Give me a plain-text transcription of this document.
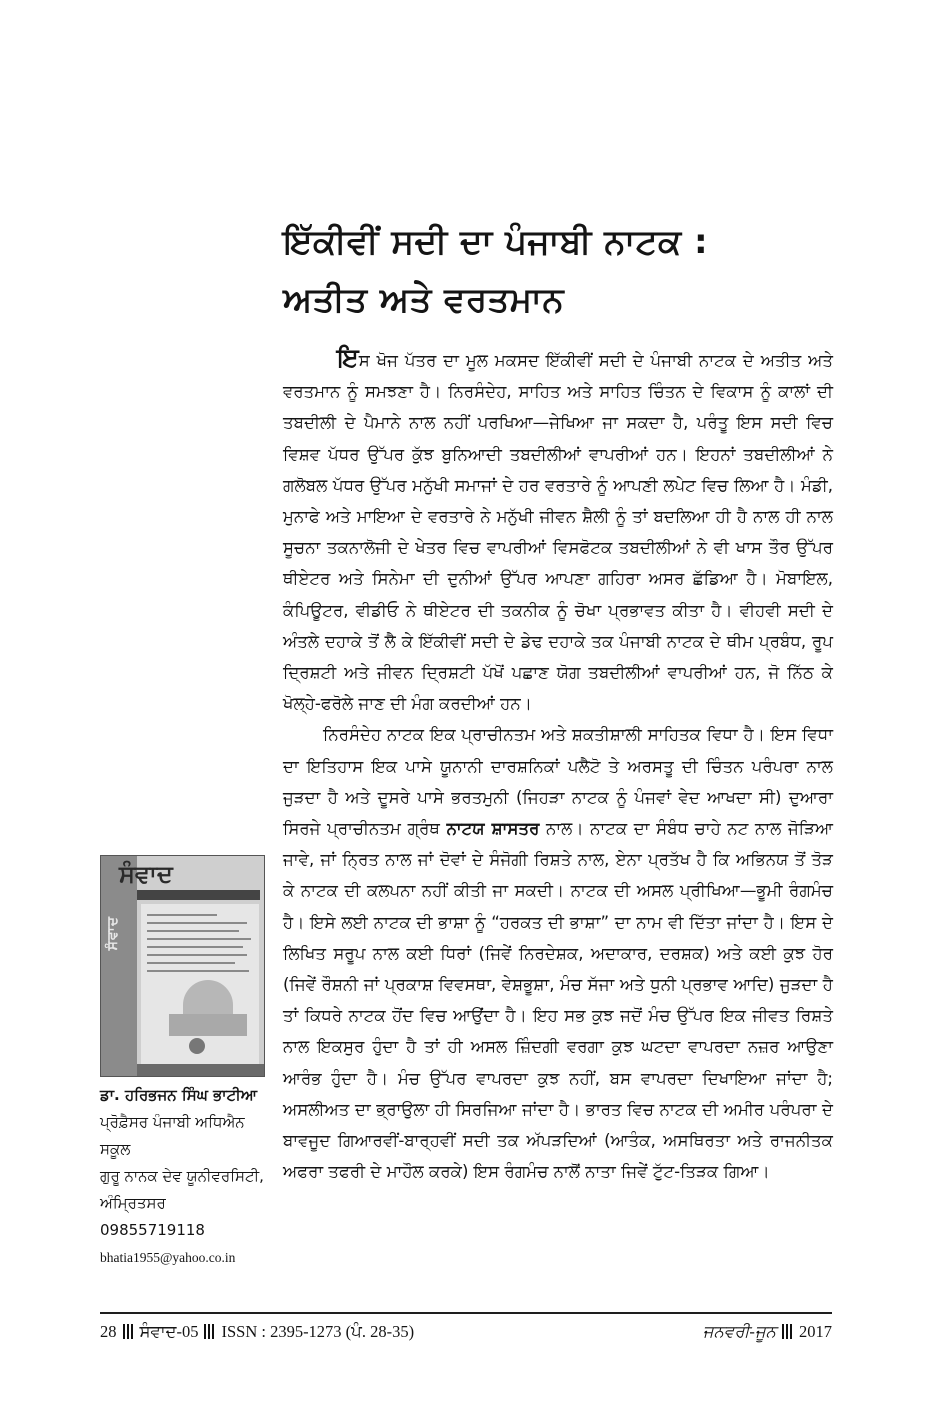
ਇੱਕੀਵੀਂ ਸਦੀ ਦਾ ਪੰਜਾਬੀ ਨਾਟਕ :
ਅਤੀਤ ਅਤੇ ਵਰਤਮਾਨ

ਇਸ ਖੋਜ ਪੱਤਰ ਦਾ ਮੂਲ ਮਕਸਦ ਇੱਕੀਵੀਂ ਸਦੀ ਦੇ ਪੰਜਾਬੀ ਨਾਟਕ ਦੇ ਅਤੀਤ ਅਤੇ ਵਰਤਮਾਨ ਨੂੰ ਸਮਝਣਾ ਹੈ। ਨਿਰਸੰਦੇਹ, ਸਾਹਿਤ ਅਤੇ ਸਾਹਿਤ ਚਿੰਤਨ ਦੇ ਵਿਕਾਸ ਨੂੰ ਕਾਲਾਂ ਦੀ ਤਬਦੀਲੀ ਦੇ ਪੈਮਾਨੇ ਨਾਲ ਨਹੀਂ ਪਰਖਿਆ—ਜੇਖਿਆ ਜਾ ਸਕਦਾ ਹੈ, ਪਰੰਤੂ ਇਸ ਸਦੀ ਵਿਚ ਵਿਸ਼ਵ ਪੱਧਰ ਉੱਪਰ ਕੁੱਝ ਬੁਨਿਆਦੀ ਤਬਦੀਲੀਆਂ ਵਾਪਰੀਆਂ ਹਨ। ਇਹਨਾਂ ਤਬਦੀਲੀਆਂ ਨੇ ਗਲੋਬਲ ਪੱਧਰ ਉੱਪਰ ਮਨੁੱਖੀ ਸਮਾਜਾਂ ਦੇ ਹਰ ਵਰਤਾਰੇ ਨੂੰ ਆਪਣੀ ਲਪੇਟ ਵਿਚ ਲਿਆ ਹੈ। ਮੰਡੀ, ਮੁਨਾਫੇ ਅਤੇ ਮਾਇਆ ਦੇ ਵਰਤਾਰੇ ਨੇ ਮਨੁੱਖੀ ਜੀਵਨ ਸ਼ੈਲੀ ਨੂੰ ਤਾਂ ਬਦਲਿਆ ਹੀ ਹੈ ਨਾਲ ਹੀ ਨਾਲ ਸੂਚਨਾ ਤਕਨਾਲੋਜੀ ਦੇ ਖੇਤਰ ਵਿਚ ਵਾਪਰੀਆਂ ਵਿਸਫੋਟਕ ਤਬਦੀਲੀਆਂ ਨੇ ਵੀ ਖਾਸ ਤੌਰ ਉੱਪਰ ਥੀਏਟਰ ਅਤੇ ਸਿਨੇਮਾ ਦੀ ਦੁਨੀਆਂ ਉੱਪਰ ਆਪਣਾ ਗਹਿਰਾ ਅਸਰ ਛੱਡਿਆ ਹੈ। ਮੋਬਾਇਲ, ਕੰਪਿਊਟਰ, ਵੀਡੀਓ ਨੇ ਥੀਏਟਰ ਦੀ ਤਕਨੀਕ ਨੂੰ ਚੋਖਾ ਪ੍ਰਭਾਵਤ ਕੀਤਾ ਹੈ। ਵੀਹਵੀ ਸਦੀ ਦੇ ਅੰਤਲੇ ਦਹਾਕੇ ਤੋਂ ਲੈ ਕੇ ਇੱਕੀਵੀਂ ਸਦੀ ਦੇ ਡੇਢ ਦਹਾਕੇ ਤਕ ਪੰਜਾਬੀ ਨਾਟਕ ਦੇ ਥੀਮ ਪ੍ਰਬੰਧ, ਰੂਪ ਦ੍ਰਿਸ਼ਟੀ ਅਤੇ ਜੀਵਨ ਦ੍ਰਿਸ਼ਟੀ ਪੱਖੋਂ ਪਛਾਣ ਯੋਗ ਤਬਦੀਲੀਆਂ ਵਾਪਰੀਆਂ ਹਨ, ਜੋ ਨਿੱਠ ਕੇ ਖੋਲ੍ਹੇ-ਫਰੋਲੇ ਜਾਣ ਦੀ ਮੰਗ ਕਰਦੀਆਂ ਹਨ।

ਨਿਰਸੰਦੇਹ ਨਾਟਕ ਇਕ ਪ੍ਰਾਚੀਨਤਮ ਅਤੇ ਸ਼ਕਤੀਸ਼ਾਲੀ ਸਾਹਿਤਕ ਵਿਧਾ ਹੈ। ਇਸ ਵਿਧਾ ਦਾ ਇਤਿਹਾਸ ਇਕ ਪਾਸੇ ਯੂਨਾਨੀ ਦਾਰਸ਼ਨਿਕਾਂ ਪਲੈਟੋ ਤੇ ਅਰਸਤੂ ਦੀ ਚਿੰਤਨ ਪਰੰਪਰਾ ਨਾਲ ਜੁੜਦਾ ਹੈ ਅਤੇ ਦੂਸਰੇ ਪਾਸੇ ਭਰਤਮੁਨੀ (ਜਿਹੜਾ ਨਾਟਕ ਨੂੰ ਪੰਜਵਾਂ ਵੇਦ ਆਖਦਾ ਸੀ) ਦੁਆਰਾ ਸਿਰਜੇ ਪ੍ਰਾਚੀਨਤਮ ਗ੍ਰੰਥ ਨਾਟਯ ਸ਼ਾਸਤਰ ਨਾਲ। ਨਾਟਕ ਦਾ ਸੰਬੰਧ ਚਾਹੇ ਨਟ ਨਾਲ ਜੋੜਿਆ ਜਾਵੇ, ਜਾਂ ਨ੍ਰਿਤ ਨਾਲ ਜਾਂ ਦੋਵਾਂ ਦੇ ਸੰਜੋਗੀ ਰਿਸ਼ਤੇ ਨਾਲ, ਏਨਾ ਪ੍ਰਤੱਖ ਹੈ ਕਿ ਅਭਿਨਯ ਤੋਂ ਤੋੜ ਕੇ ਨਾਟਕ ਦੀ ਕਲਪਨਾ ਨਹੀਂ ਕੀਤੀ ਜਾ ਸਕਦੀ। ਨਾਟਕ ਦੀ ਅਸਲ ਪ੍ਰੀਖਿਆ—ਭੂਮੀ ਰੰਗਮੰਚ ਹੈ। ਇਸੇ ਲਈ ਨਾਟਕ ਦੀ ਭਾਸ਼ਾ ਨੂੰ “ਹਰਕਤ ਦੀ ਭਾਸ਼ਾ” ਦਾ ਨਾਮ ਵੀ ਦਿੱਤਾ ਜਾਂਦਾ ਹੈ। ਇਸ ਦੇ ਲਿਖਿਤ ਸਰੂਪ ਨਾਲ ਕਈ ਧਿਰਾਂ (ਜਿਵੇਂ ਨਿਰਦੇਸ਼ਕ, ਅਦਾਕਾਰ, ਦਰਸ਼ਕ) ਅਤੇ ਕਈ ਕੁਝ ਹੋਰ (ਜਿਵੇਂ ਰੌਸ਼ਨੀ ਜਾਂ ਪ੍ਰਕਾਸ਼ ਵਿਵਸਥਾ, ਵੇਸ਼ਭੂਸ਼ਾ, ਮੰਚ ਸੱਜਾ ਅਤੇ ਧੁਨੀ ਪ੍ਰਭਾਵ ਆਦਿ) ਜੁੜਦਾ ਹੈ ਤਾਂ ਕਿਧਰੇ ਨਾਟਕ ਹੋਂਦ ਵਿਚ ਆਉਂਦਾ ਹੈ। ਇਹ ਸਭ ਕੁਝ ਜਦੋਂ ਮੰਚ ਉੱਪਰ ਇਕ ਜੀਵਤ ਰਿਸ਼ਤੇ ਨਾਲ ਇਕਸੁਰ ਹੁੰਦਾ ਹੈ ਤਾਂ ਹੀ ਅਸਲ ਜ਼ਿੰਦਗੀ ਵਰਗਾ ਕੁਝ ਘਟਦਾ ਵਾਪਰਦਾ ਨਜ਼ਰ ਆਉਣਾ ਆਰੰਭ ਹੁੰਦਾ ਹੈ। ਮੰਚ ਉੱਪਰ ਵਾਪਰਦਾ ਕੁਝ ਨਹੀਂ, ਬਸ ਵਾਪਰਦਾ ਦਿਖਾਇਆ ਜਾਂਦਾ ਹੈ; ਅਸਲੀਅਤ ਦਾ ਭ੍ਰਾਉਲਾ ਹੀ ਸਿਰਜਿਆ ਜਾਂਦਾ ਹੈ। ਭਾਰਤ ਵਿਚ ਨਾਟਕ ਦੀ ਅਮੀਰ ਪਰੰਪਰਾ ਦੇ ਬਾਵਜੂਦ ਗਿਆਰਵੀਂ-ਬਾਰ੍ਹਵੀਂ ਸਦੀ ਤਕ ਅੱਪੜਦਿਆਂ (ਆਤੰਕ, ਅਸਥਿਰਤਾ ਅਤੇ ਰਾਜਨੀਤਕ ਅਫਰਾ ਤਫਰੀ ਦੇ ਮਾਹੌਲ ਕਰਕੇ) ਇਸ ਰੰਗਮੰਚ ਨਾਲੋਂ ਨਾਤਾ ਜਿਵੇਂ ਟੁੱਟ-ਤਿੜਕ ਗਿਆ।

ਸੰਵਾਦ
ਸੰਵਾਦ
ਡਾ. ਹਰਿਭਜਨ ਸਿੰਘ ਭਾਟੀਆ
ਪ੍ਰੋਫ਼ੈਸਰ ਪੰਜਾਬੀ ਅਧਿਐਨ ਸਕੂਲ
ਗੁਰੂ ਨਾਨਕ ਦੇਵ ਯੂਨੀਵਰਸਿਟੀ, ਅੰਮ੍ਰਿਤਸਰ
09855719118
bhatia1955@yahoo.co.in
28 ਸੰਵਾਦ-05 ISSN : 2395-1273 (ਪੰ. 28-35)	ਜਨਵਰੀ-ਜੂਨ 2017
